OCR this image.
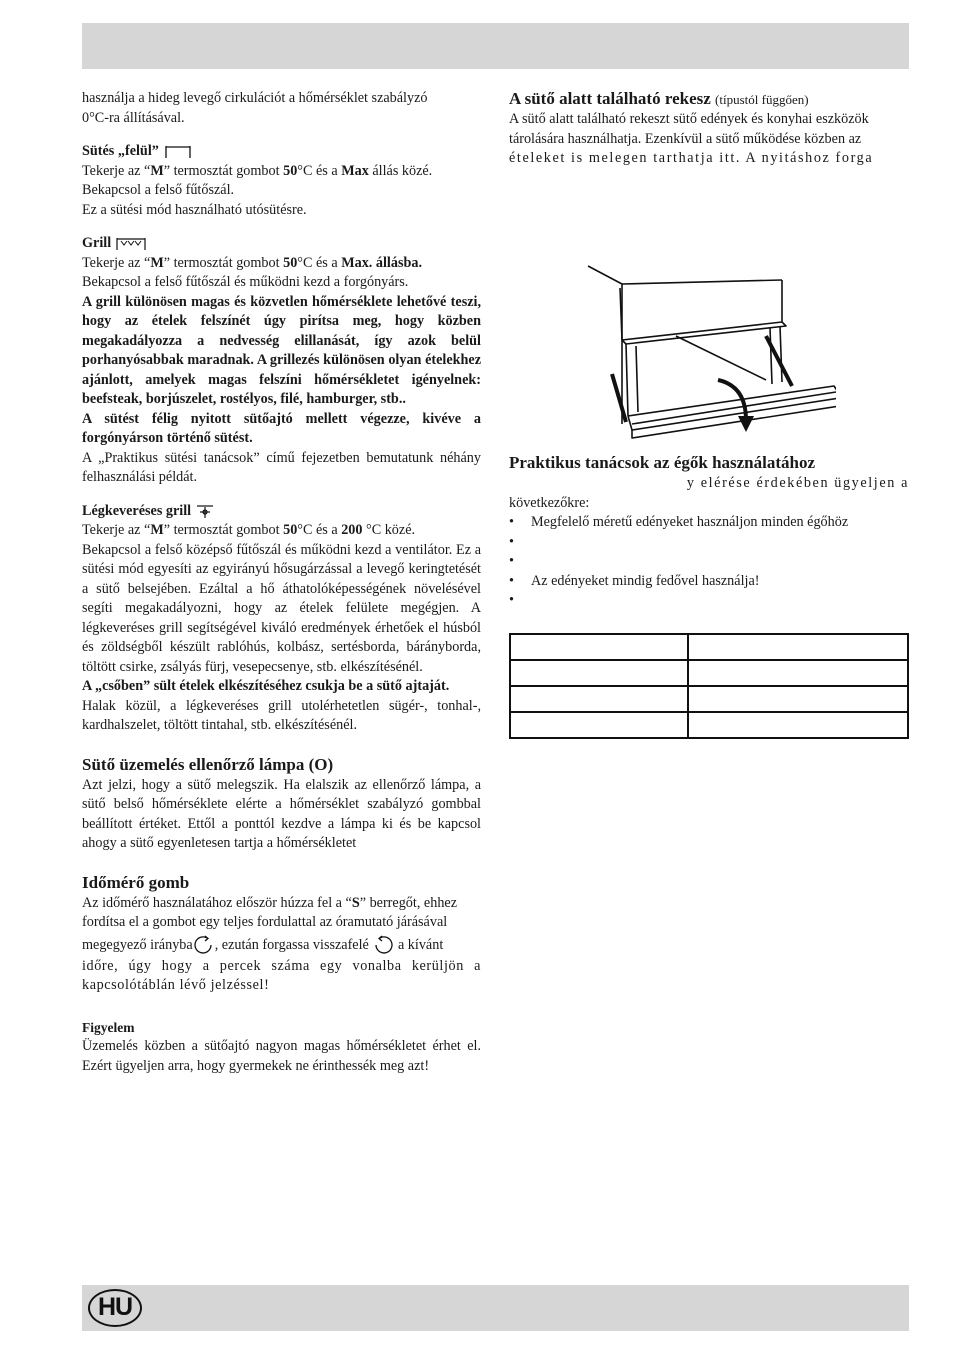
használja a hideg levegő cirkulációt a hőmérséklet szabályzó
0°C-ra állításával.

Sütés „felül”

Tekerje az “M” termosztát gombot 50°C és a Max állás közé.

Bekapcsol a felső fűtőszál.

Ez a sütési mód használható utósütésre.

Grill

Tekerje az “M” termosztát gombot 50°C és a Max. állásba.

Bekapcsol a felső fűtőszál és működni kezd a forgónyárs.

A grill különösen magas és közvetlen hőmérséklete lehetővé teszi, hogy az ételek felszínét úgy pirítsa meg, hogy közben megakadályozza a nedvesség elillanását, így azok belül porhanyósabbak maradnak. A grillezés különösen olyan ételekhez ajánlott, amelyek magas felszíni hőmérsékletet igényelnek: beefsteak, borjúszelet, rostélyos, filé, hamburger, stb..

A sütést félig nyitott sütőajtó mellett végezze, kivéve a forgónyárson történő sütést.

A „Praktikus sütési tanácsok” című fejezetben bemutatunk néhány felhasználási példát.

Légkeveréses grill

Tekerje az “M” termosztát gombot 50°C és a 200 °C közé.

Bekapcsol a felső középső fűtőszál és működni kezd a ventilátor. Ez a sütési mód egyesíti az egyirányú hősugárzással a levegő keringtetését a sütő belsejében. Ezáltal a hő áthatolóképességének növelésével segíti megakadályozni, hogy az ételek felülete megégjen. A légkeveréses grill segítségével kiváló eredmények érhetőek el húsból és zöldségből készült rablóhús, kolbász, sertésborda, bárányborda, töltött csirke, zsályás fürj, vesepecsenye, stb. elkészítésénél.

A „csőben” sült ételek elkészítéséhez csukja be a sütő ajtaját.

Halak közül, a légkeveréses grill utolérhetetlen sügér-, tonhal-, kardhalszelet, töltött tintahal, stb. elkészítésénél.

Sütő üzemelés ellenőrző lámpa (O)

Azt jelzi, hogy a sütő melegszik. Ha elalszik az ellenőrző lámpa, a sütő belső hőmérséklete elérte a hőmérséklet szabályzó gombbal beállított értéket. Ettől a ponttól kezdve a lámpa ki és be kapcsol ahogy a sütő egyenletesen tartja a hőmérsékletet

Időmérő gomb

Az időmérő használatához először húzza fel a “S” berregőt, ehhez

fordítsa el a gombot egy teljes fordulattal az óramutató járásával

megegyező irányba , ezután forgassa visszafelé a kívánt

időre, úgy hogy a percek száma egy vonalba kerüljön a kapcsolótáblán lévő jelzéssel!

Figyelem

Üzemelés közben a sütőajtó nagyon magas hőmérsékletet érhet el. Ezért ügyeljen arra, hogy gyermekek ne érinthessék meg azt!

A sütő alatt található rekesz (típustól függően)

A sütő alatt található rekeszt sütő edények és konyhai eszközök

tárolására használhatja. Ezenkívül a sütő működése közben az

ételeket is melegen tarthatja itt. A nyitáshoz forga

Praktikus tanácsok az égők használatához

y elérése érdekében ügyeljen a

következőkre:

• Megfelelő méretű edényeket használjon minden égőhöz
•
•
• Az edényeket mindig fedővel használja!
•

HU
